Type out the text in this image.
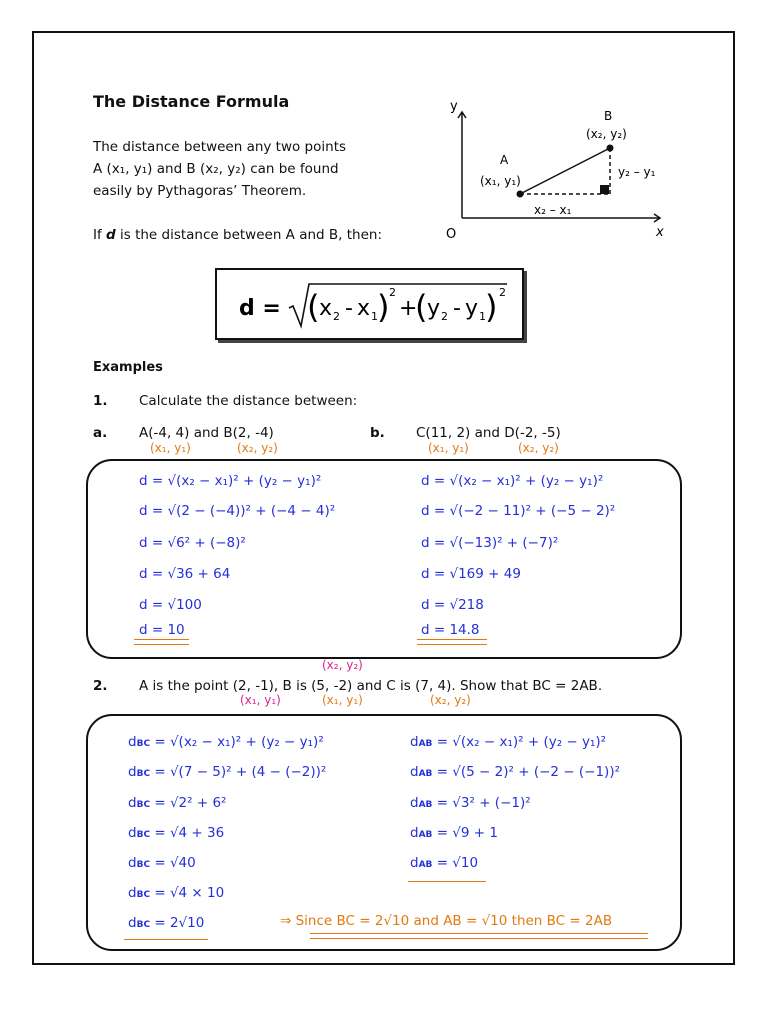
The Distance Formula
The distance between any two points
A (x₁, y₁) and B (x₂, y₂) can be found
easily by Pythagoras’ Theorem.
If d is the distance between A and B, then:
y
x
O
A
(x₁, y₁)
B
(x₂, y₂)
y₂ – y₁
x₂ – x₁
d = ( x 2 - x 1 ) 2
+
( y 2 - y 1 ) 2
Examples
1. Calculate the distance between:
a. A(-4, 4) and B(2, -4)
(x₁, y₁)	(x₂, y₂)
b. C(11, 2) and D(-2, -5)
(x₁, y₁)	(x₂, y₂)
d = √(x₂ − x₁)² + (y₂ − y₁)²
d = √(2 − (−4))² + (−4 − 4)²
d = √6² + (−8)²
d = √36 + 64
d = √100
d = 10
d = √(x₂ − x₁)² + (y₂ − y₁)²
d = √(−2 − 11)² + (−5 − 2)²
d = √(−13)² + (−7)²
d = √169 + 49
d = √218
d = 14.8
(x₂, y₂)
2. A is the point (2, -1), B is (5, -2) and C is (7, 4). Show that BC = 2AB.
(x₁, y₁)	(x₁, y₁)	(x₂, y₂)
dBC = √(x₂ − x₁)² + (y₂ − y₁)²
dBC = √(7 − 5)² + (4 − (−2))²
dBC = √2² + 6²
dBC = √4 + 36
dBC = √40
dBC = √4 × 10
dBC = 2√10
dAB = √(x₂ − x₁)² + (y₂ − y₁)²
dAB = √(5 − 2)² + (−2 − (−1))²
dAB = √3² + (−1)²
dAB = √9 + 1
dAB = √10
⇒ Since BC = 2√10 and AB = √10 then BC = 2AB
